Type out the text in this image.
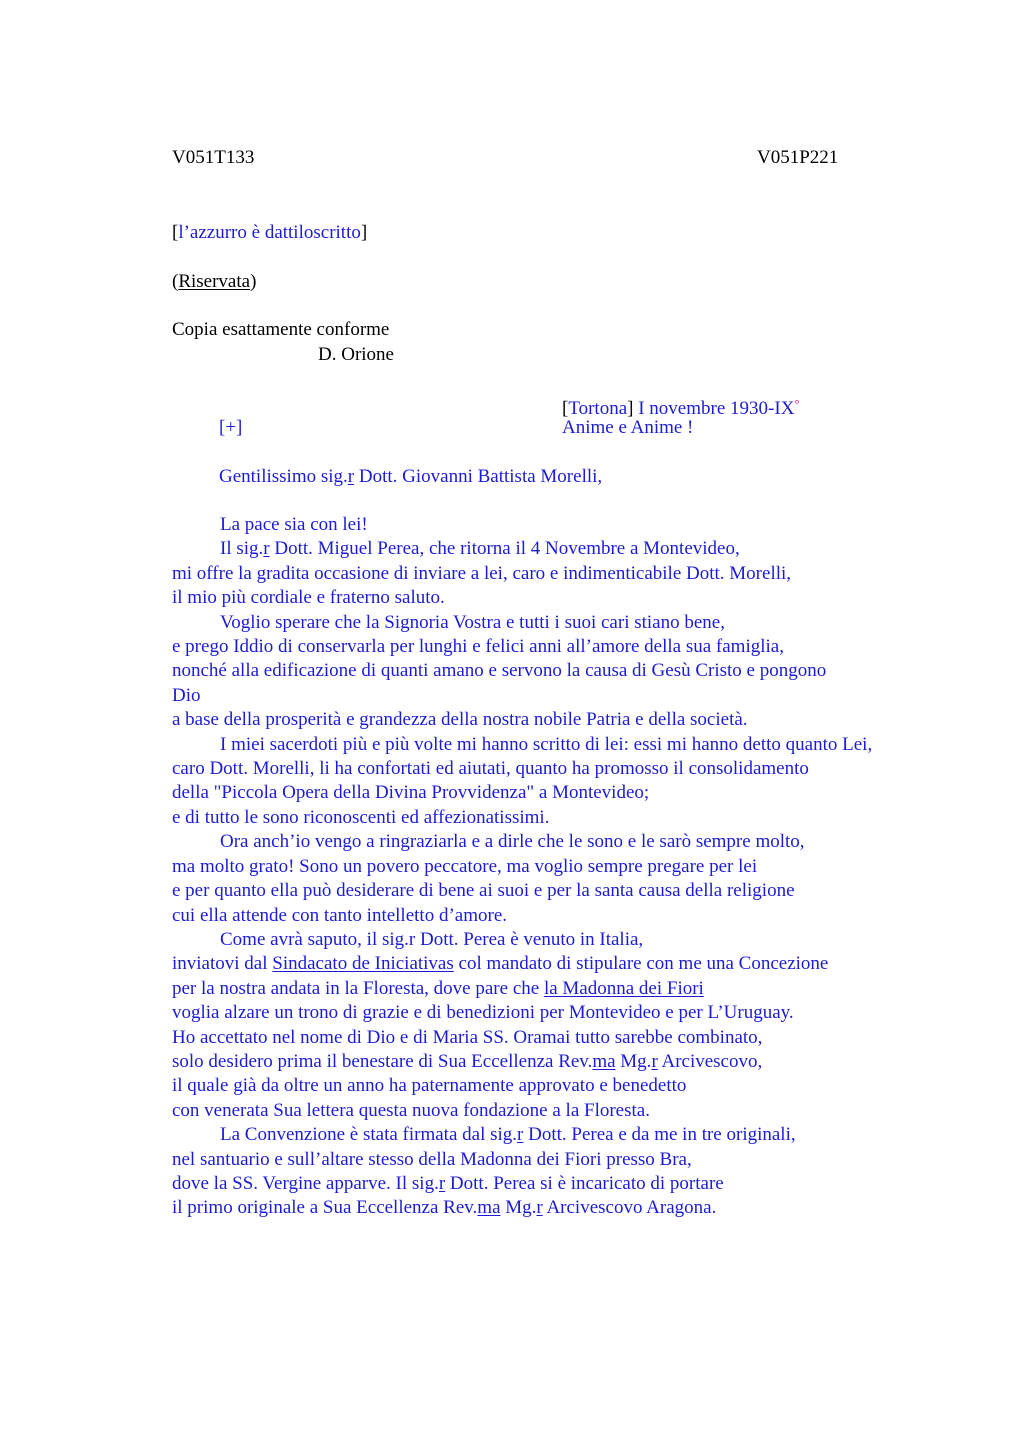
V051T133	V051P221
[l’azzurro è dattiloscritto]
(Riservata)
Copia esattamente conforme
D. Orione
[Tortona] I novembre 1930-IX°
[+]	Anime e Anime !
Gentilissimo sig.r Dott. Giovanni Battista Morelli,
La pace sia con lei!
Il sig.r Dott. Miguel Perea, che ritorna il 4 Novembre a Montevideo,
mi offre la gradita occasione di inviare a lei, caro e indimenticabile Dott. Morelli,
il mio più cordiale e fraterno saluto.
Voglio sperare che la Signoria Vostra e tutti i suoi cari stiano bene,
e prego Iddio di conservarla per lunghi e felici anni all’amore della sua famiglia,
nonché alla edificazione di quanti amano e servono la causa di Gesù Cristo e pongono
Dio
a base della prosperità e grandezza della nostra nobile Patria e della società.
I miei sacerdoti più e più volte mi hanno scritto di lei: essi mi hanno detto quanto Lei,
caro Dott. Morelli, li ha confortati ed aiutati, quanto ha promosso il consolidamento
della "Piccola Opera della Divina Provvidenza" a Montevideo;
e di tutto le sono riconoscenti ed affezionatissimi.
Ora anch’io vengo a ringraziarla e a dirle che le sono e le sarò sempre molto,
ma molto grato! Sono un povero peccatore, ma voglio sempre pregare per lei
e per quanto ella può desiderare di bene ai suoi e per la santa causa della religione
cui ella attende con tanto intelletto d’amore.
Come avrà saputo, il sig.r Dott. Perea è venuto in Italia,
inviatovi dal Sindacato de Iniciativas col mandato di stipulare con me una Concezione
per la nostra andata in la Floresta, dove pare che la Madonna dei Fiori
voglia alzare un trono di grazie e di benedizioni per Montevideo e per L’Uruguay.
Ho accettato nel nome di Dio e di Maria SS. Oramai tutto sarebbe combinato,
solo desidero prima il benestare di Sua Eccellenza Rev.ma Mg.r Arcivescovo,
il quale già da oltre un anno ha paternamente approvato e benedetto
con venerata Sua lettera questa nuova fondazione a la Floresta.
La Convenzione è stata firmata dal sig.r Dott. Perea e da me in tre originali,
nel santuario e sull’altare stesso della Madonna dei Fiori presso Bra,
dove la SS. Vergine apparve. Il sig.r Dott. Perea si è incaricato di portare
il primo originale a Sua Eccellenza Rev.ma Mg.r Arcivescovo Aragona.
